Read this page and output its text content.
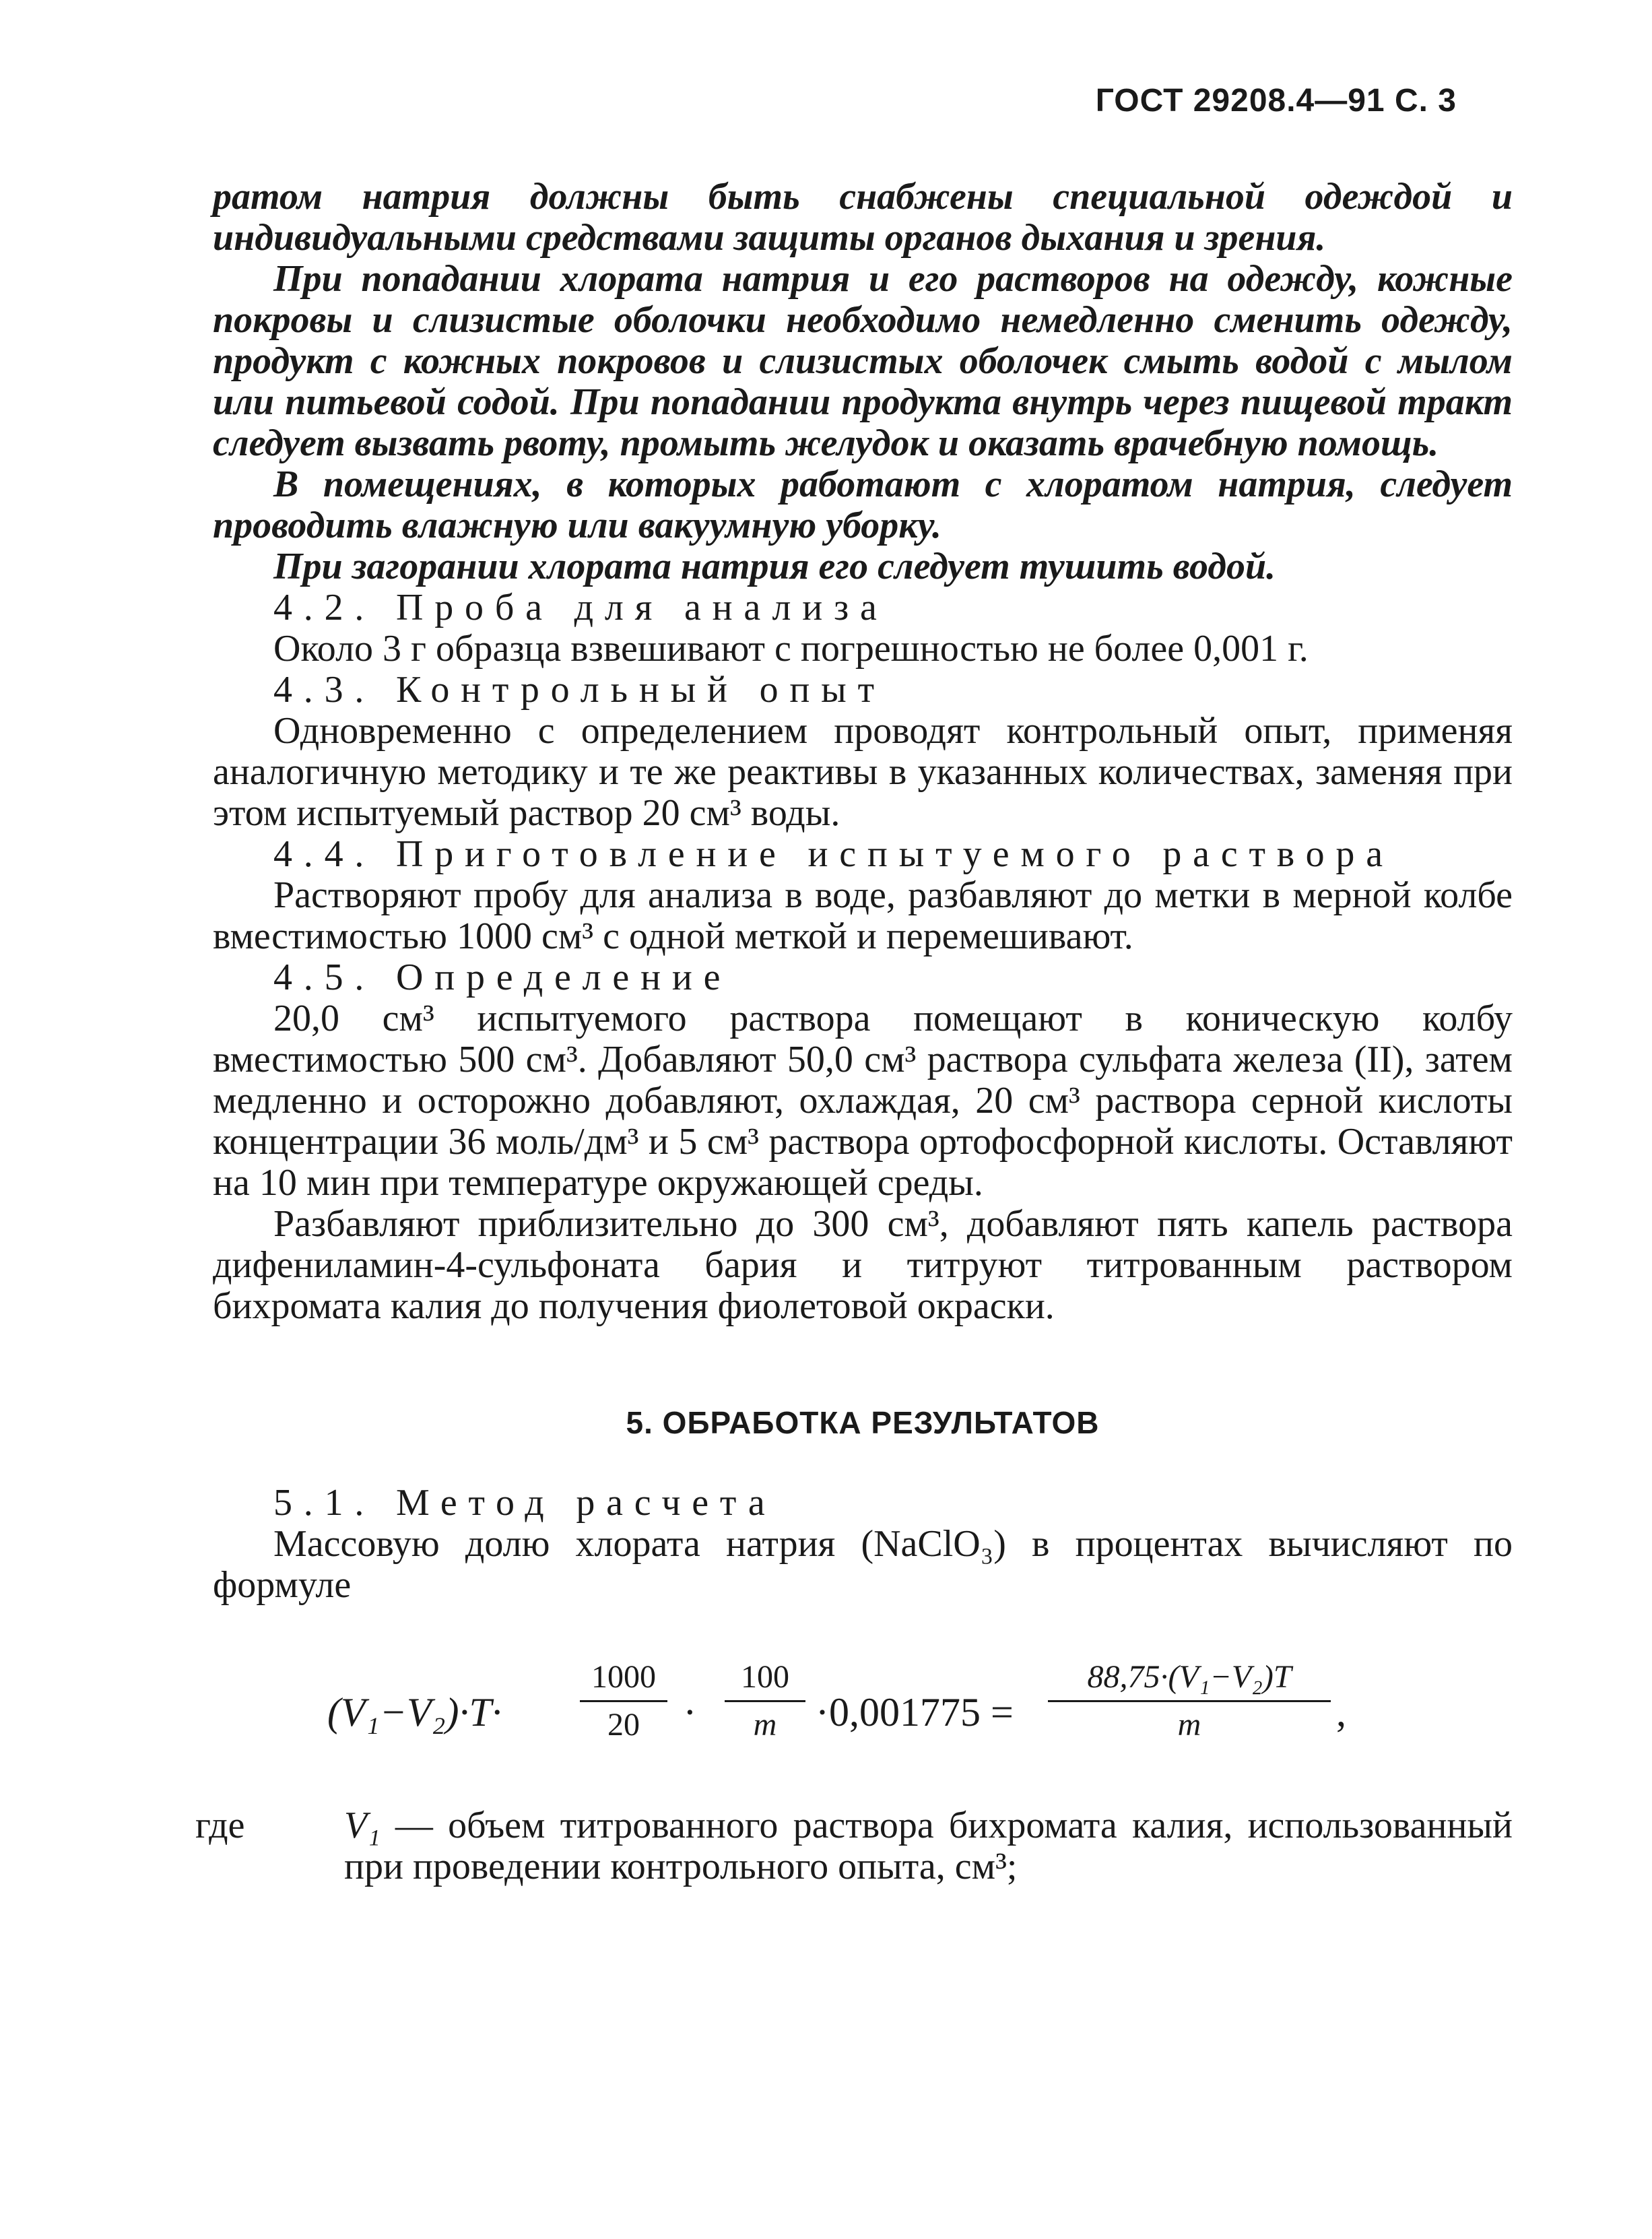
ГОСТ 29208.4—91 С. 3

ратом натрия должны быть снабжены специальной одеждой и индивидуальными средствами защиты органов дыхания и зрения.

При попадании хлората натрия и его растворов на одежду, кожные покровы и слизистые оболочки необходимо немедленно сменить одежду, продукт с кожных покровов и слизистых оболочек смыть водой с мылом или питьевой содой. При попадании продукта внутрь через пищевой тракт следует вызвать рвоту, промыть желудок и оказать врачебную помощь.

В помещениях, в которых работают с хлоратом натрия, следует проводить влажную или вакуумную уборку.

При загорании хлората натрия его следует тушить водой.

4.2. Проба для анализа

Около 3 г образца взвешивают с погрешностью не более 0,001 г.

4.3. Контрольный опыт

Одновременно с определением проводят контрольный опыт, применяя аналогичную методику и те же реактивы в указанных количествах, заменяя при этом испытуемый раствор 20 см³ воды.

4.4. Приготовление испытуемого раствора

Растворяют пробу для анализа в воде, разбавляют до метки в мерной колбе вместимостью 1000 см³ с одной меткой и перемешивают.

4.5. Определение

20,0 см³ испытуемого раствора помещают в коническую колбу вместимостью 500 см³. Добавляют 50,0 см³ раствора сульфата железа (II), затем медленно и осторожно добавляют, охлаждая, 20 см³ раствора серной кислоты концентрации 36 моль/дм³ и 5 см³ раствора ортофосфорной кислоты. Оставляют на 10 мин при температуре окружающей среды.

Разбавляют приблизительно до 300 см³, добавляют пять капель раствора дифениламин-4-сульфоната бария и титруют титрованным раствором бихромата калия до получения фиолетовой окраски.

5. ОБРАБОТКА РЕЗУЛЬТАТОВ

5.1. Метод расчета

Массовую долю хлората натрия (NaClO₃) в процентах вычисляют по формуле

(V₁−V₂)·T·
1000
20	·
100
m ·0,001775 =
88,75·(V₁−V₂)T
m	,
где	V₁ — объем титрованного раствора бихромата калия, использованный при проведении контрольного опыта, см³;
